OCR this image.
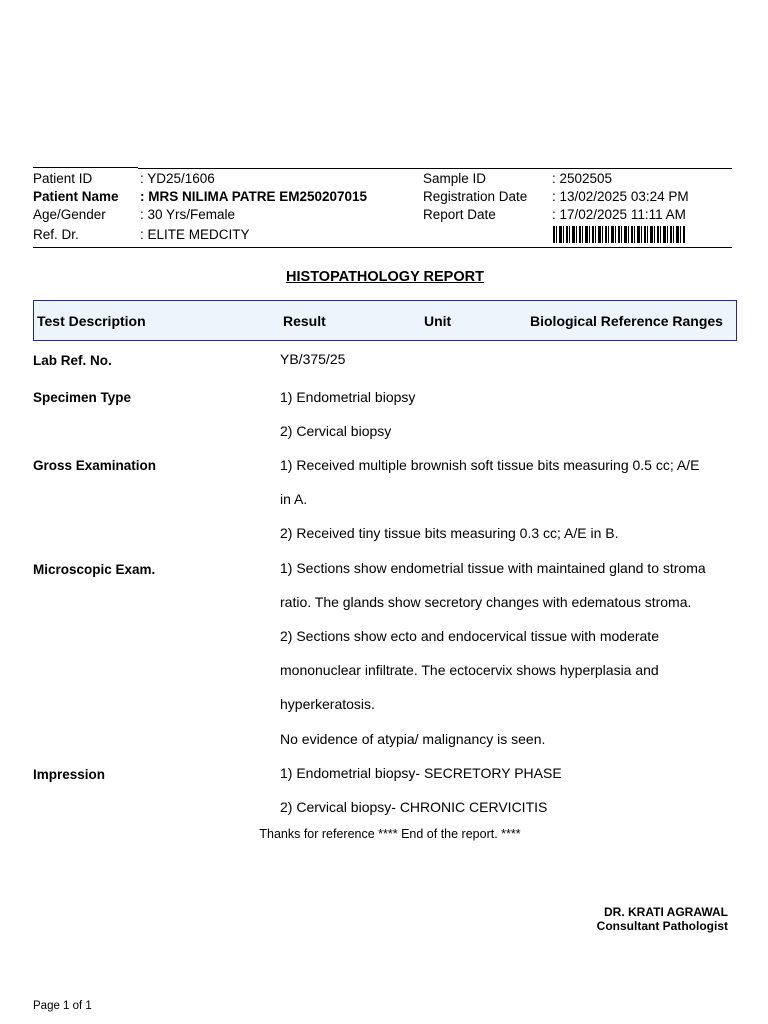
Patient ID	: YD25/1606
Patient Name : MRS NILIMA PATRE EM250207015
Age/Gender	: 30 Yrs/Female
Ref. Dr.	: ELITE MEDCITY
Sample ID	: 2502505
Registration Date : 13/02/2025 03:24 PM
Report Date	: 17/02/2025 11:11 AM
HISTOPATHOLOGY REPORT
Test Description	Result	Unit	Biological Reference Ranges
Lab Ref. No.	YB/375/25
Specimen Type	1) Endometrial biopsy
2) Cervical biopsy
Gross Examination	1) Received multiple brownish soft tissue bits measuring 0.5 cc; A/E
in A.
2) Received tiny tissue bits measuring 0.3 cc; A/E in B.
Microscopic Exam.	1) Sections show endometrial tissue with maintained gland to stroma
ratio. The glands show secretory changes with edematous stroma.
2) Sections show ecto and endocervical tissue with moderate
mononuclear infiltrate. The ectocervix shows hyperplasia and
hyperkeratosis.
No evidence of atypia/ malignancy is seen.
Impression	1) Endometrial biopsy- SECRETORY PHASE
2) Cervical biopsy- CHRONIC CERVICITIS
Thanks for reference **** End of the report. ****
DR. KRATI AGRAWAL
Consultant Pathologist
Page 1 of 1
